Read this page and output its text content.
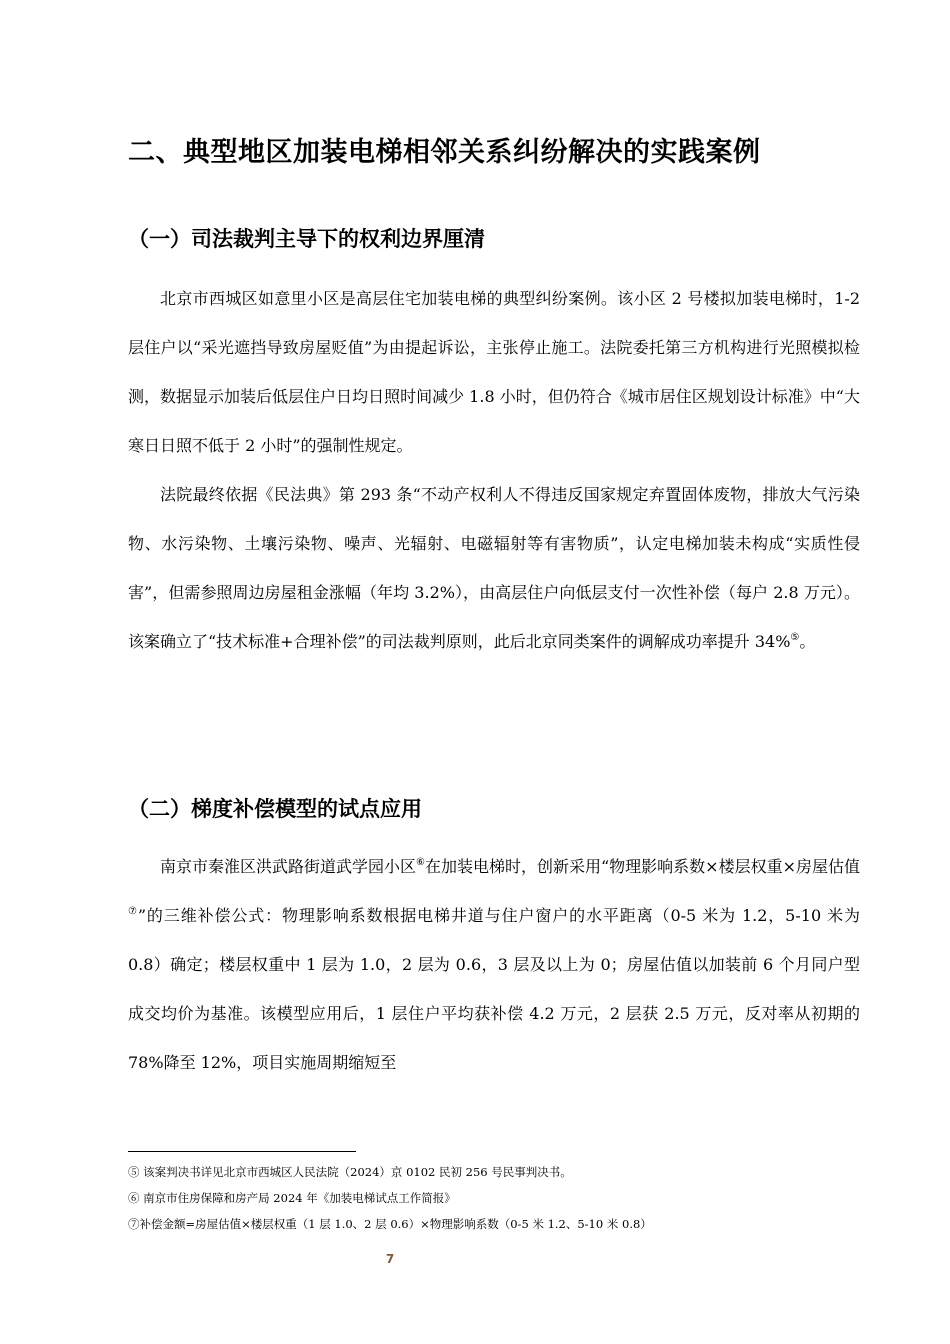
二、典型地区加装电梯相邻关系纠纷解决的实践案例
（一）司法裁判主导下的权利边界厘清

北京市西城区如意里小区是高层住宅加装电梯的典型纠纷案例。该小区 2 号楼拟加装电梯时，1-2 层住户以“采光遮挡导致房屋贬值”为由提起诉讼，主张停止施工。法院委托第三方机构进行光照模拟检测，数据显示加装后低层住户日均日照时间减少 1.8 小时，但仍符合《城市居住区规划设计标准》中“大寒日日照不低于 2 小时”的强制性规定。

法院最终依据《民法典》第 293 条“不动产权利人不得违反国家规定弃置固体废物，排放大气污染物、水污染物、土壤污染物、噪声、光辐射、电磁辐射等有害物质”，认定电梯加装未构成“实质性侵害”，但需参照周边房屋租金涨幅（年均 3.2%），由高层住户向低层支付一次性补偿（每户 2.8 万元）。该案确立了“技术标准+合理补偿”的司法裁判原则，此后北京同类案件的调解成功率提升 34%⑤。

（二）梯度补偿模型的试点应用

南京市秦淮区洪武路街道武学园小区⑥在加装电梯时，创新采用“物理影响系数×楼层权重×房屋估值⑦”的三维补偿公式：物理影响系数根据电梯井道与住户窗户的水平距离（0-5 米为 1.2，5-10 米为 0.8）确定；楼层权重中 1 层为 1.0，2 层为 0.6，3 层及以上为 0；房屋估值以加装前 6 个月同户型成交均价为基准。该模型应用后，1 层住户平均获补偿 4.2 万元，2 层获 2.5 万元，反对率从初期的 78%降至 12%，项目实施周期缩短至

⑤ 该案判决书详见北京市西城区人民法院（2024）京 0102 民初 256 号民事判决书。
⑥ 南京市住房保障和房产局 2024 年《加装电梯试点工作简报》
⑦补偿金额=房屋估值×楼层权重（1 层 1.0、2 层 0.6）×物理影响系数（0-5 米 1.2、5-10 米 0.8）
7
